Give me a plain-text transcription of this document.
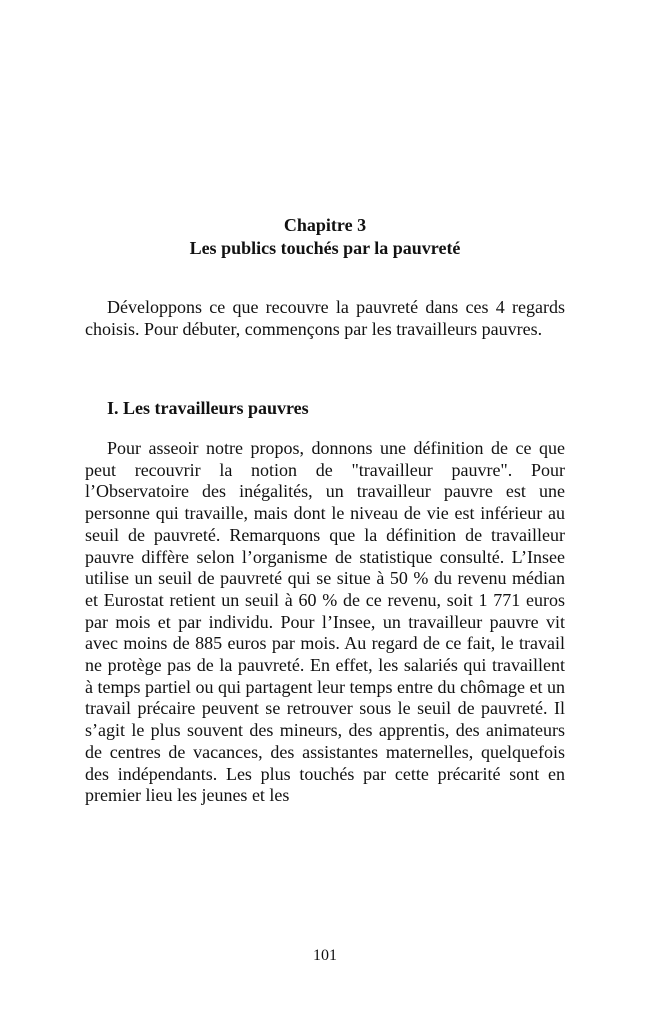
Chapitre 3
Les publics touchés par la pauvreté

Développons ce que recouvre la pauvreté dans ces 4 regards choisis. Pour débuter, commençons par les travailleurs pauvres.

I. Les travailleurs pauvres

Pour asseoir notre propos, donnons une définition de ce que peut recouvrir la notion de "travailleur pauvre". Pour l’Observatoire des inégalités, un travailleur pauvre est une personne qui travaille, mais dont le niveau de vie est inférieur au seuil de pauvreté. Remarquons que la définition de travailleur pauvre diffère selon l’organisme de statistique consulté. L’Insee utilise un seuil de pauvreté qui se situe à 50 % du revenu médian et Eurostat retient un seuil à 60 % de ce revenu, soit 1 771 euros par mois et par individu. Pour l’Insee, un travailleur pauvre vit avec moins de 885 euros par mois. Au regard de ce fait, le travail ne protège pas de la pauvreté. En effet, les salariés qui travaillent à temps partiel ou qui partagent leur temps entre du chômage et un travail précaire peuvent se retrouver sous le seuil de pauvreté. Il s’agit le plus souvent des mineurs, des apprentis, des animateurs de centres de vacances, des assistantes maternelles, quelquefois des indépendants. Les plus touchés par cette précarité sont en premier lieu les jeunes et les

101
